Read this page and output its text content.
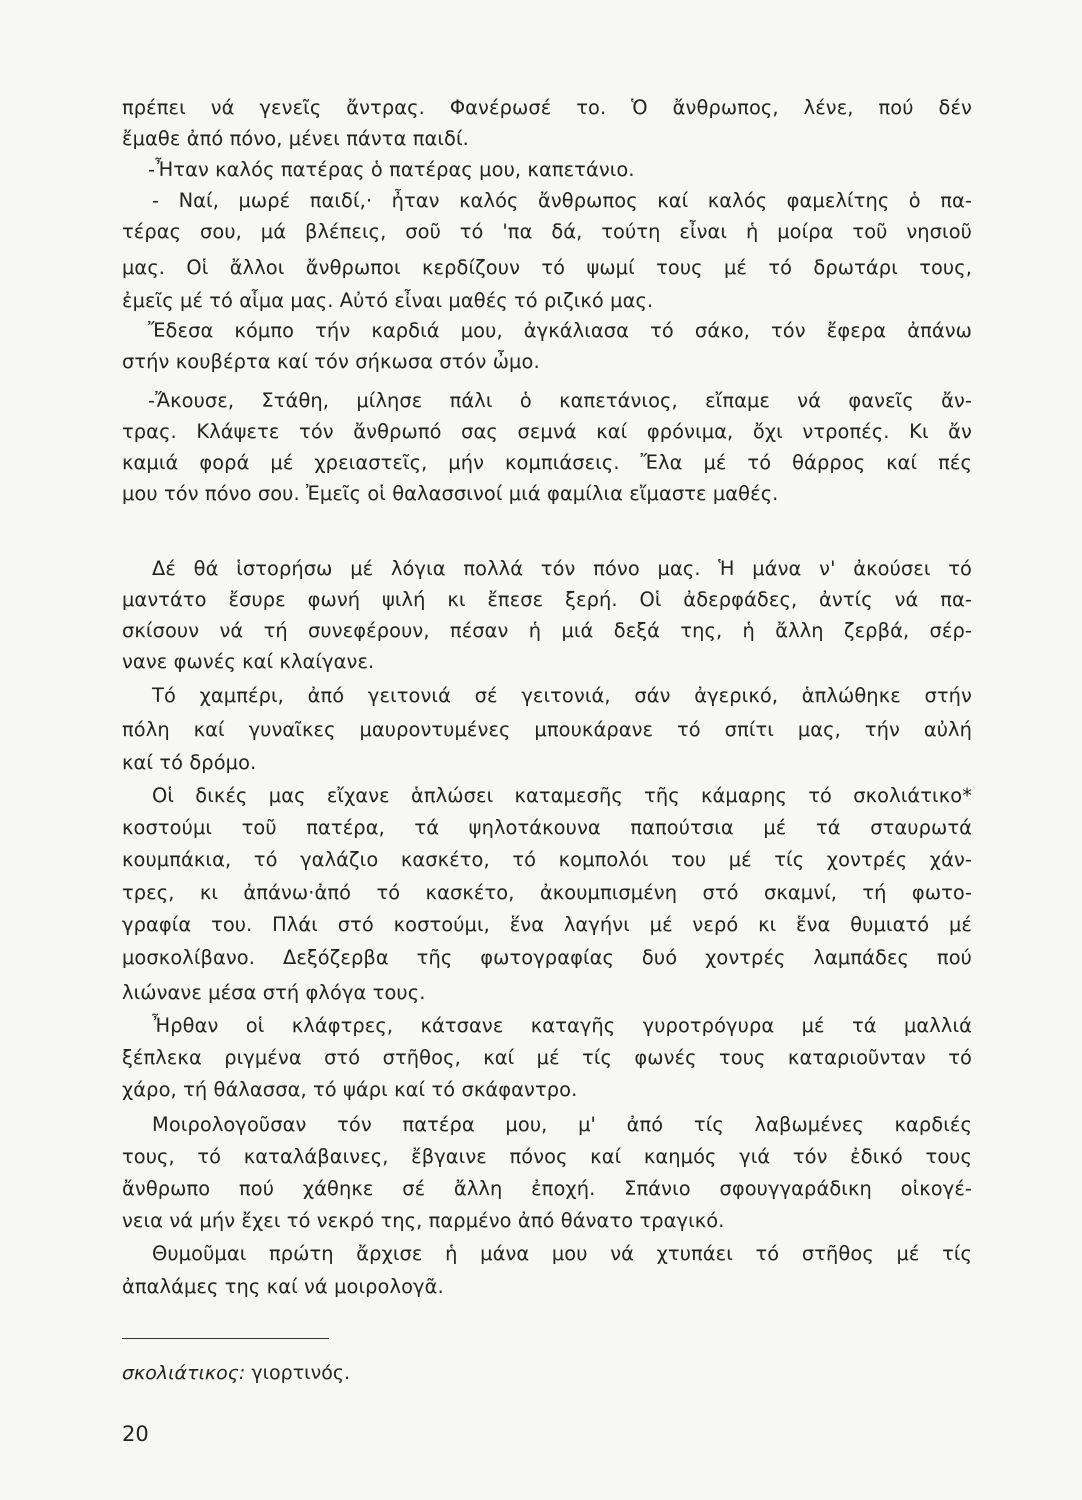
πρέπει νά γενεῖς ἄντρας. Φανέρωσέ το. Ὁ ἄνθρωπος, λένε, πού δέν
ἔμαθε ἀπό πόνο, μένει πάντα παιδί.
-Ἦταν καλός πατέρας ὁ πατέρας μου, καπετάνιο.
- Ναί, μωρέ παιδί,· ἦταν καλός ἄνθρωπος καί καλός φαμελίτης ὁ πα-
τέρας σου, μά βλέπεις, σοῦ τό 'πα δά, τούτη εἶναι ἡ μοίρα τοῦ νησιοῦ
μας. Οἱ ἄλλοι ἄνθρωποι κερδίζουν τό ψωμί τους μέ τό δρωτάρι τους,
ἐμεῖς μέ τό αἷμα μας. Αὐτό εἶναι μαθές τό ριζικό μας.
Ἔδεσα κόμπο τήν καρδιά μου, ἀγκάλιασα τό σάκο, τόν ἔφερα ἀπάνω
στήν κουβέρτα καί τόν σήκωσα στόν ὦμο.
-Ἄκουσε, Στάθη, μίλησε πάλι ὁ καπετάνιος, εἴπαμε νά φανεῖς ἄν-
τρας. Κλάψετε τόν ἄνθρωπό σας σεμνά καί φρόνιμα, ὄχι ντροπές. Κι ἄν
καμιά φορά μέ χρειαστεῖς, μήν κομπιάσεις. Ἔλα μέ τό θάρρος καί πές
μου τόν πόνο σου. Ἐμεῖς οἱ θαλασσινοί μιά φαμίλια εἴμαστε μαθές.
Δέ θά ἱστορήσω μέ λόγια πολλά τόν πόνο μας. Ἡ μάνα ν' ἀκούσει τό
μαντάτο ἔσυρε φωνή ψιλή κι ἔπεσε ξερή. Οἱ ἀδερφάδες, ἀντίς νά πα-
σκίσουν νά τή συνεφέρουν, πέσαν ἡ μιά δεξά της, ἡ ἄλλη ζερβά, σέρ-
νανε φωνές καί κλαίγανε.
Τό χαμπέρι, ἀπό γειτονιά σέ γειτονιά, σάν ἀγερικό, ἁπλώθηκε στήν
πόλη καί γυναῖκες μαυροντυμένες μπουκάρανε τό σπίτι μας, τήν αὐλή
καί τό δρόμο.
Οἱ δικές μας εἴχανε ἁπλώσει καταμεσῆς τῆς κάμαρης τό σκολιάτικο*
κοστούμι τοῦ πατέρα, τά ψηλοτάκουνα παπούτσια μέ τά σταυρωτά
κουμπάκια, τό γαλάζιο κασκέτο, τό κομπολόι του μέ τίς χοντρές χάν-
τρες, κι ἀπάνω·ἀπό τό κασκέτο, ἀκουμπισμένη στό σκαμνί, τή φωτο-
γραφία του. Πλάι στό κοστούμι, ἕνα λαγήνι μέ νερό κι ἕνα θυμιατό μέ
μοσκολίβανο. Δεξόζερβα τῆς φωτογραφίας δυό χοντρές λαμπάδες πού
λιώνανε μέσα στή φλόγα τους.
Ἦρθαν οἱ κλάφτρες, κάτσανε καταγῆς γυροτρόγυρα μέ τά μαλλιά
ξέπλεκα ριγμένα στό στῆθος, καί μέ τίς φωνές τους καταριοῦνταν τό
χάρο, τή θάλασσα, τό ψάρι καί τό σκάφαντρο.
Μοιρολογοῦσαν τόν πατέρα μου, μ' ἀπό τίς λαβωμένες καρδιές
τους, τό καταλάβαινες, ἔβγαινε πόνος καί καημός γιά τόν ἐδικό τους
ἄνθρωπο πού χάθηκε σέ ἄλλη ἐποχή. Σπάνιο σφουγγαράδικη οἰκογέ-
νεια νά μήν ἔχει τό νεκρό της, παρμένο ἀπό θάνατο τραγικό.
Θυμοῦμαι πρώτη ἄρχισε ἡ μάνα μου νά χτυπάει τό στῆθος μέ τίς
ἀπαλάμες της καί νά μοιρολογᾶ.
σκολιάτικος: γιορτινός.
20
